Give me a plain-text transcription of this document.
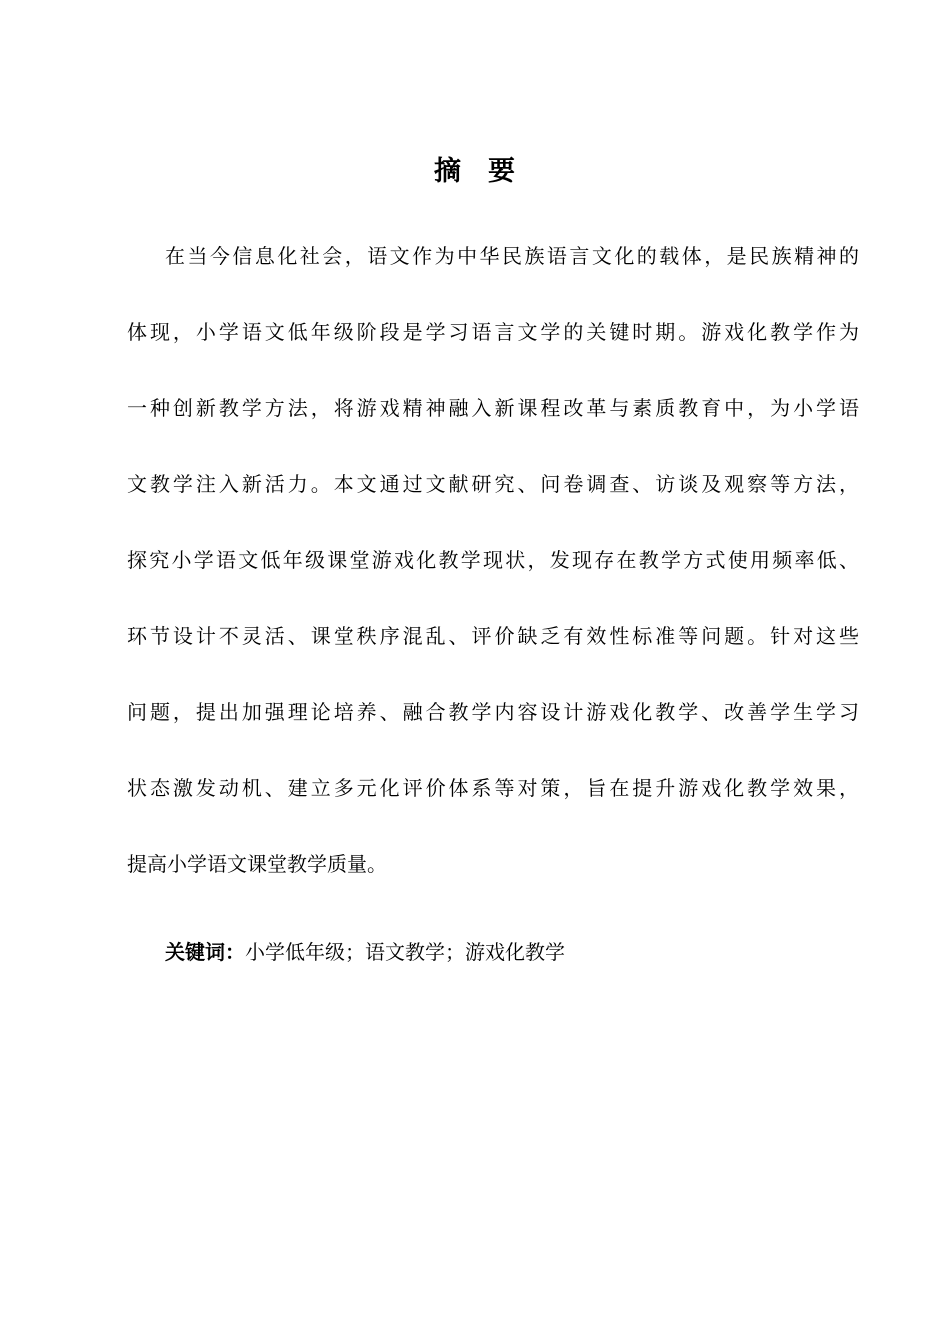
摘 要
在当今信息化社会，语文作为中华民族语言文化的载体，是民族精神的
体现，小学语文低年级阶段是学习语言文学的关键时期。游戏化教学作为
一种创新教学方法，将游戏精神融入新课程改革与素质教育中，为小学语
文教学注入新活力。本文通过文献研究、问卷调查、访谈及观察等方法，
探究小学语文低年级课堂游戏化教学现状，发现存在教学方式使用频率低、
环节设计不灵活、课堂秩序混乱、评价缺乏有效性标准等问题。针对这些
问题，提出加强理论培养、融合教学内容设计游戏化教学、改善学生学习
状态激发动机、建立多元化评价体系等对策，旨在提升游戏化教学效果，
提高小学语文课堂教学质量。
关键词：小学低年级；语文教学；游戏化教学
